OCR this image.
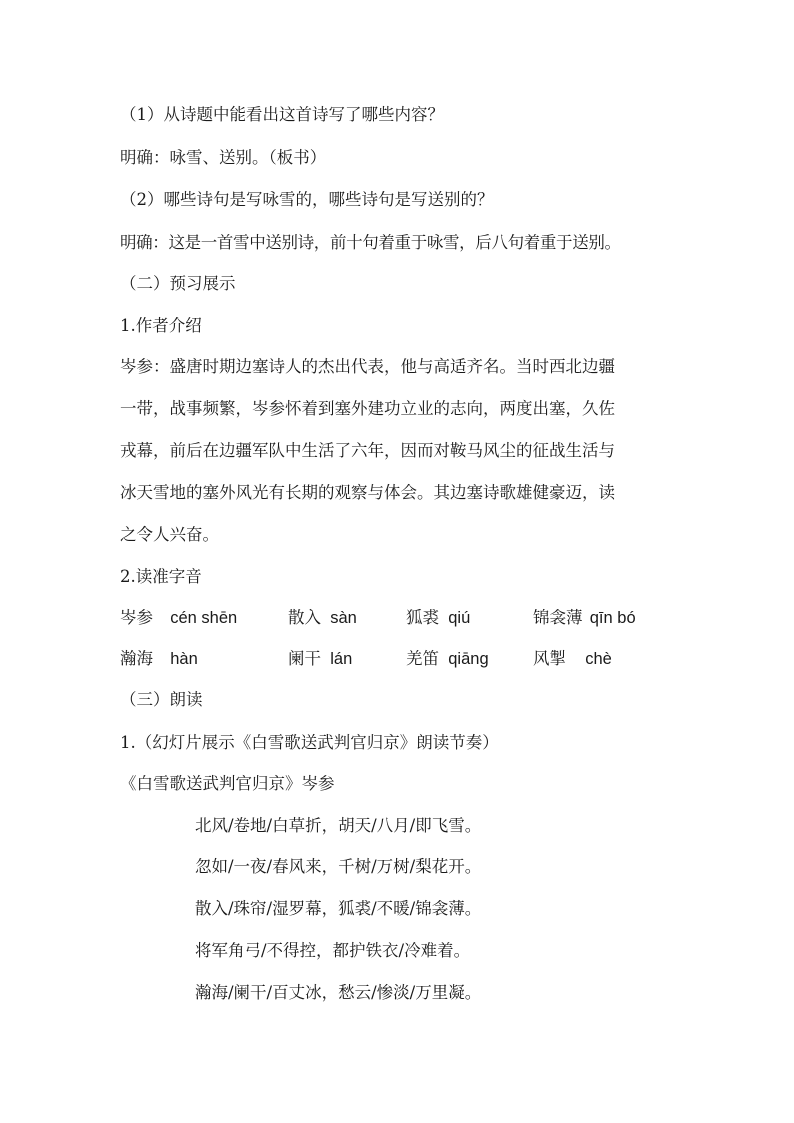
（1）从诗题中能看出这首诗写了哪些内容？
明确：咏雪、送别。（板书）
（2）哪些诗句是写咏雪的，哪些诗句是写送别的？
明确：这是一首雪中送别诗，前十句着重于咏雪，后八句着重于送别。
（二）预习展示
1.作者介绍
岑参：盛唐时期边塞诗人的杰出代表，他与高适齐名。当时西北边疆
一带，战事频繁，岑参怀着到塞外建功立业的志向，两度出塞，久佐
戎幕，前后在边疆军队中生活了六年，因而对鞍马风尘的征战生活与
冰天雪地的塞外风光有长期的观察与体会。其边塞诗歌雄健豪迈，读
之令人兴奋。
2.读准字音
岑参 cén shēn	散入 sàn	狐裘 qiú	锦衾薄 qīn bó
瀚海 hàn	阑干 lán	羌笛 qiāng	风掣 chè
（三）朗读
1.（幻灯片展示《白雪歌送武判官归京》朗读节奏）
《白雪歌送武判官归京》岑参
北风/卷地/白草折，胡天/八月/即飞雪。
忽如/一夜/春风来，千树/万树/梨花开。
散入/珠帘/湿罗幕，狐裘/不暖/锦衾薄。
将军角弓/不得控，都护铁衣/冷难着。
瀚海/阑干/百丈冰，愁云/惨淡/万里凝。
